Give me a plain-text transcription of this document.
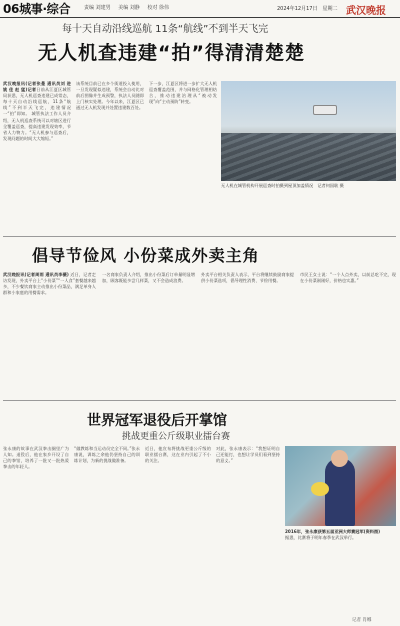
06城事·综合	责编 刘建男 美编 刘静 校对 徐伟	2024年12月17日　星期二 武汉晚报
每十天自动沿线巡航 11条“航线”不到半天飞完
无人机查违建“拍”得清清楚楚
武汉晚报讯(记者张曼 通讯员刘 进 姚 佳 赵 猛)记者日前从江夏区城管局获悉，无人机巡查违建已成常态，每十天自动沿线巡航，11条“航线”不到半天飞完，违建情况一“拍”即知。 城管执法工作人员介绍，无人机巡查系统可以对辖区进行全覆盖巡查，提高违建发现效率，节省人力物力。“无人机参与巡查后，发现问题的时间大大缩短。”
该系统目前已在多个街道投入使用，一旦发现疑似违建，系统会自动比对前后图像并生成预警，执法人员随即上门核实处理。今年以来，江夏区已通过无人机发现并处置违建数百处。
下一步，江夏区将进一步扩大无人机巡查覆盖范围，并与网格化管理相结合，推动违建治理从“被动发现”向“主动预防”转变。
无人机在城管机构开展巡查时拍摄到屋顶加盖情况　记者何国耿 摄
倡导节俭风 小份菜成外卖主角
武汉晚报讯(记者周雨 通讯员李薇) 近日，记者走访发现，外卖平台上“小份菜”“一人食”套餐越来越多，不少餐饮商家主动推出小份菜品，满足单身人群和小家庭的用餐需求。
一名商家负责人介绍，推出小份菜后订单量明显增加，顾客既能多尝几样菜，又不会造成浪费。
外卖平台相关负责人表示，平台将继续鼓励商家提供小份菜选项，倡导理性消费、节俭用餐。
市民王女士说：“一个人点外卖，以前总吃不完，现在小份菜刚刚好，价格也实惠。”
世界冠军退役后开掌馆
挑战更重公斤级职业擂台赛
张永康的故事在武汉拳击圈里广为人知。退役后，他在家乡开设了自己的拳馆，培养了一批又一批热爱拳击的年轻人。
“做教练和当运动员完全不同。”张永康说，训练之余他仍坚持自己的训练计划，为新的挑战做准备。
近日，他宣布将挑战更重公斤级的职业擂台赛，这在业内引起了不小的关注。
对此，张永康表示：“我想证明自己还能打，也想让学员们看到坚持的意义。”
2016年，张永康获第五届亚洲大师赛冠军(资料图)
据悉，比赛将于明年春季在武汉举行。
记者 肖娜
